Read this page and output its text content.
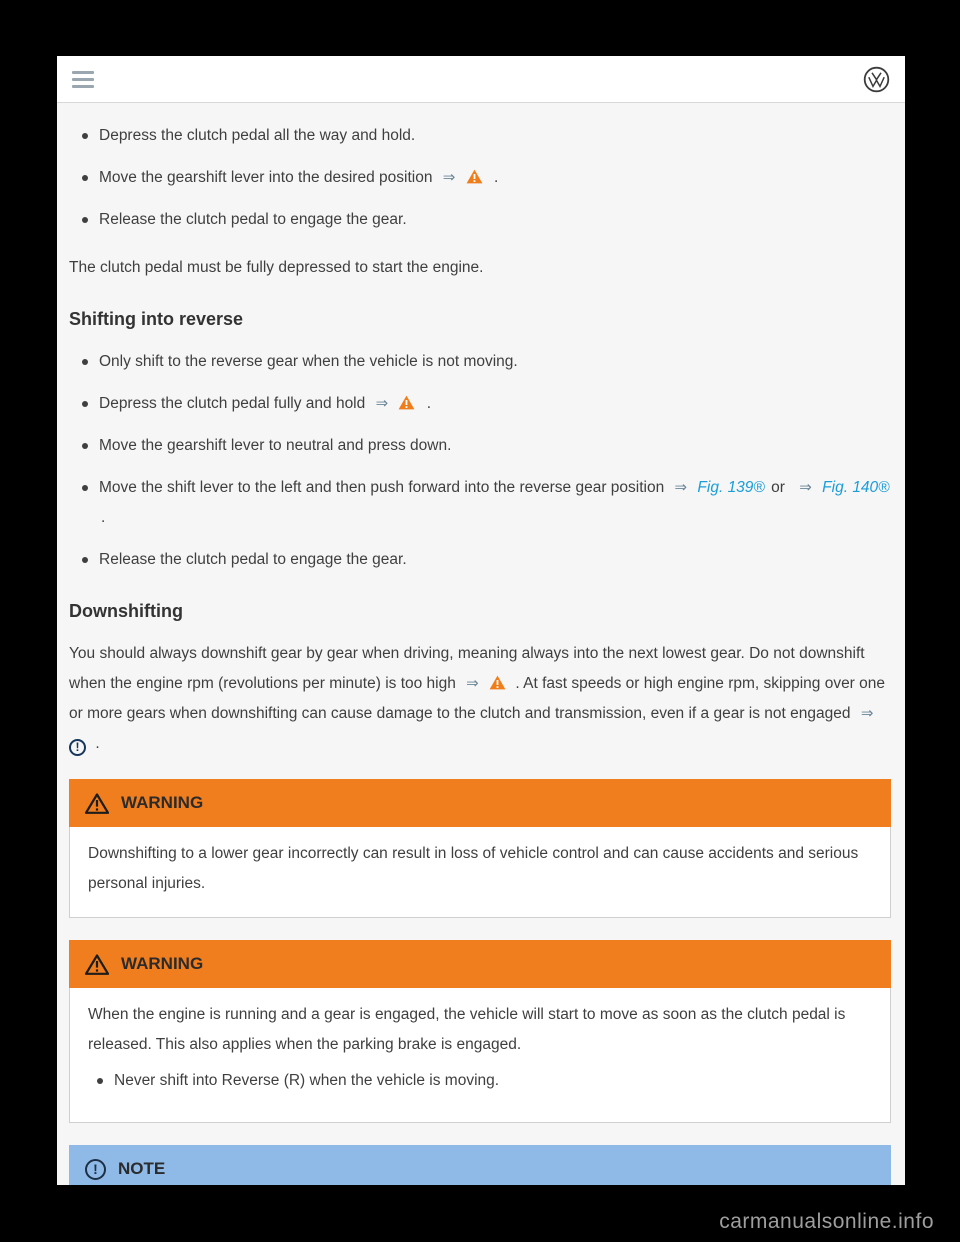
Depress the clutch pedal all the way and hold.
Move the gearshift lever into the desired position ⇒ .
Release the clutch pedal to engage the gear.

The clutch pedal must be fully depressed to start the engine.

Shifting into reverse
Only shift to the reverse gear when the vehicle is not moving.
Depress the clutch pedal fully and hold ⇒ .
Move the gearshift lever to neutral and press down.
Move the shift lever to the left and then push forward into the reverse gear position ⇒ Fig. 139® or ⇒ Fig. 140® .
Release the clutch pedal to engage the gear.
Downshifting

You should always downshift gear by gear when driving, meaning always into the next lowest gear. Do not downshift when the engine rpm (revolutions per minute) is too high ⇒ . At fast speeds or high engine rpm, skipping over one or more gears when downshifting can cause damage to the clutch and transmission, even if a gear is not engaged ⇒ ! .

WARNING

Downshifting to a lower gear incorrectly can result in loss of vehicle control and can cause accidents and serious personal injuries.

WARNING

When the engine is running and a gear is engaged, the vehicle will start to move as soon as the clutch pedal is released. This also applies when the parking brake is engaged.

Never shift into Reverse (R) when the vehicle is moving.
!	NOTE
carmanualsonline.info
